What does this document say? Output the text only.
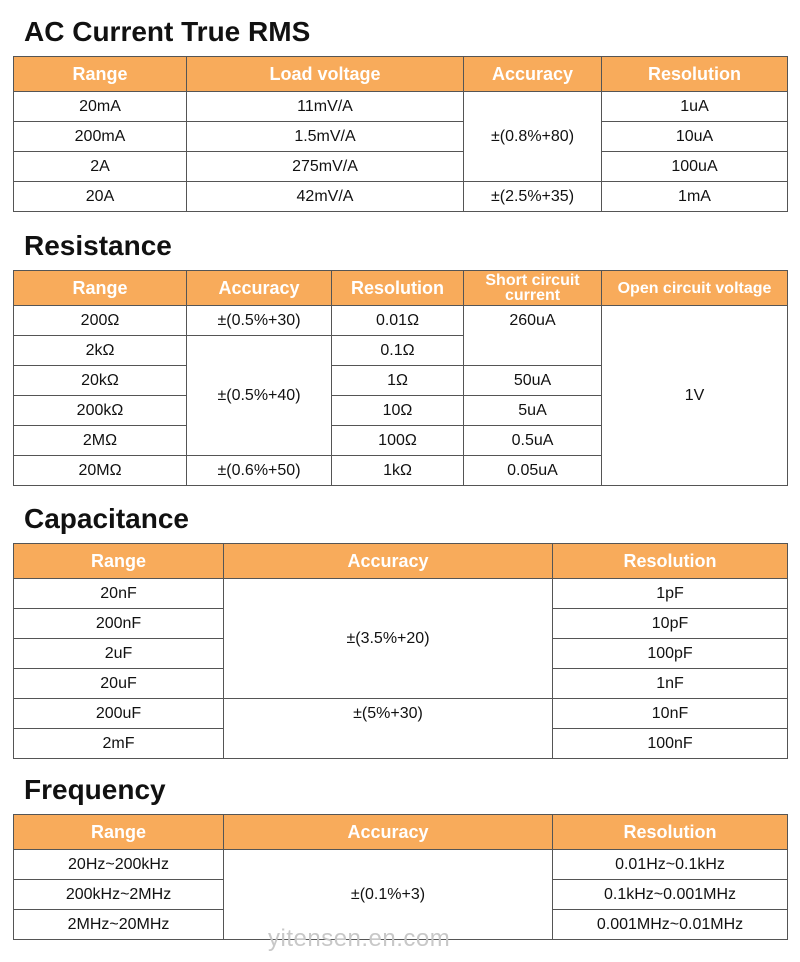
AC Current True RMS
Range	Load voltage	Accuracy	Resolution
20mA	11mV/A	±(0.8%+80)	1uA
200mA	1.5mV/A		10uA
2A	275mV/A		100uA
20A	42mV/A	±(2.5%+35)	1mA
Resistance
Range	Accuracy	Resolution	Short circuit current	Open circuit voltage
200Ω	±(0.5%+30)	0.01Ω	260uA	1V
2kΩ	±(0.5%+40)	0.1Ω		
20kΩ		1Ω	50uA	
200kΩ		10Ω	5uA	
2MΩ		100Ω	0.5uA	
20MΩ	±(0.6%+50)	1kΩ	0.05uA	
Capacitance
Range	Accuracy	Resolution
20nF	±(3.5%+20)	1pF
200nF		10pF
2uF		100pF
20uF		1nF
200uF	±(5%+30)	10nF
2mF		100nF
Frequency
Range	Accuracy	Resolution
20Hz~200kHz	±(0.1%+3)	0.01Hz~0.1kHz
200kHz~2MHz		0.1kHz~0.001MHz
2MHz~20MHz		0.001MHz~0.01MHz
yitensen.en.com
